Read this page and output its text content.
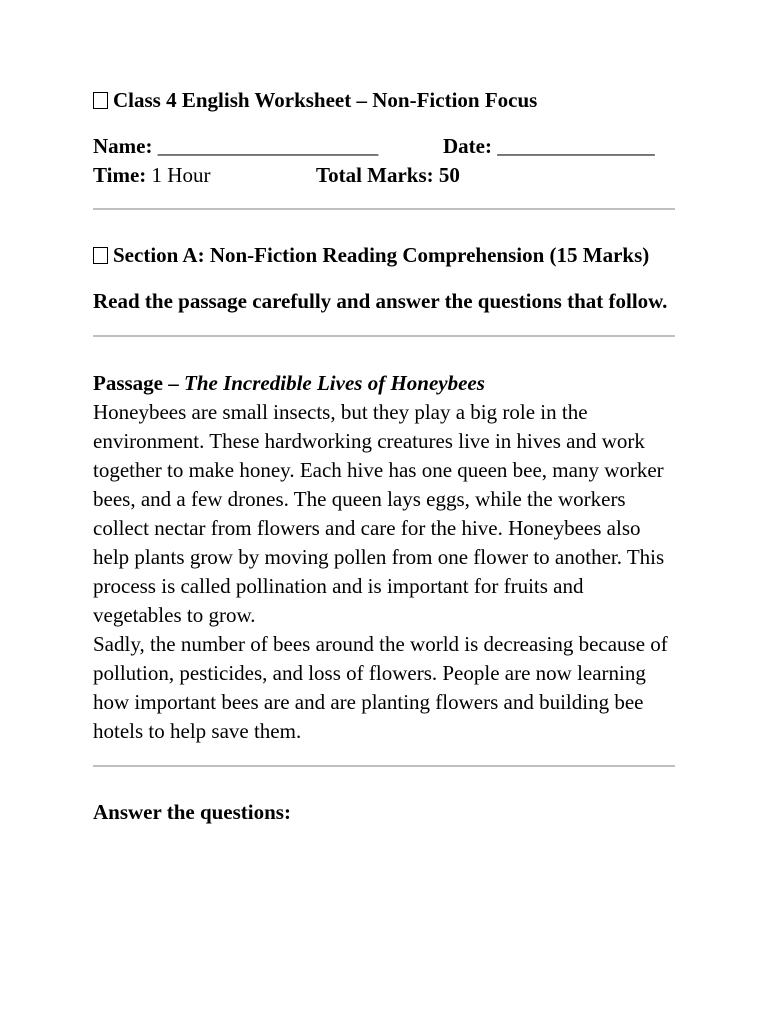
Class 4 English Worksheet – Non-Fiction Focus

Name: _____________________	Date: _______________
Time: 1 Hour	Total Marks: 50

Section A: Non-Fiction Reading Comprehension (15 Marks)

Read the passage carefully and answer the questions that follow.

Passage – The Incredible Lives of Honeybees

Honeybees are small insects, but they play a big role in the environment. These hardworking creatures live in hives and work together to make honey. Each hive has one queen bee, many worker bees, and a few drones. The queen lays eggs, while the workers collect nectar from flowers and care for the hive. Honeybees also help plants grow by moving pollen from one flower to another. This process is called pollination and is important for fruits and vegetables to grow.

Sadly, the number of bees around the world is decreasing because of pollution, pesticides, and loss of flowers. People are now learning how important bees are and are planting flowers and building bee hotels to help save them.

Answer the questions:
